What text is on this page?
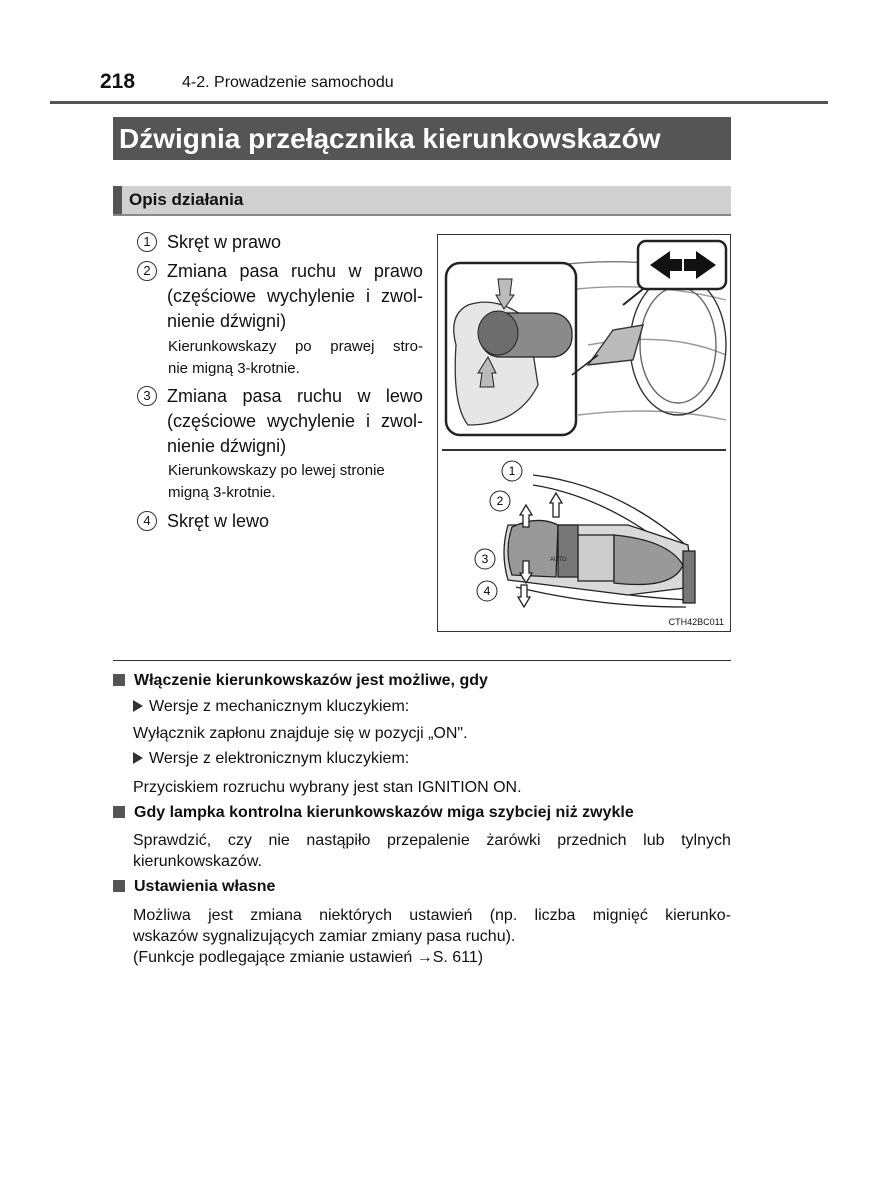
218	4-2. Prowadzenie samochodu
Dźwignia przełącznika kierunkowskazów
Opis działania
1 Skręt w prawo
2 Zmiana pasa ruchu w prawo
(częściowe wychylenie i zwol-
nienie dźwigni)
Kierunkowskazy po prawej stro-
nie migną 3-krotnie.
3 Zmiana pasa ruchu w lewo
(częściowe wychylenie i zwol-
nienie dźwigni)
Kierunkowskazy po lewej stronie
migną 3-krotnie.
4 Skręt w lewo
1
2
3
4
AUTO
CTH42BC011
Włączenie kierunkowskazów jest możliwe, gdy
Wersje z mechanicznym kluczykiem:
Wyłącznik zapłonu znajduje się w pozycji „ON".
Wersje z elektronicznym kluczykiem:
Przyciskiem rozruchu wybrany jest stan IGNITION ON.
Gdy lampka kontrolna kierunkowskazów miga szybciej niż zwykle
Sprawdzić, czy nie nastąpiło przepalenie żarówki przednich lub tylnych
kierunkowskazów.
Ustawienia własne
Możliwa jest zmiana niektórych ustawień (np. liczba mignięć kierunko-
wskazów sygnalizujących zamiar zmiany pasa ruchu).
(Funkcje podlegające zmianie ustawień →S. 611)
